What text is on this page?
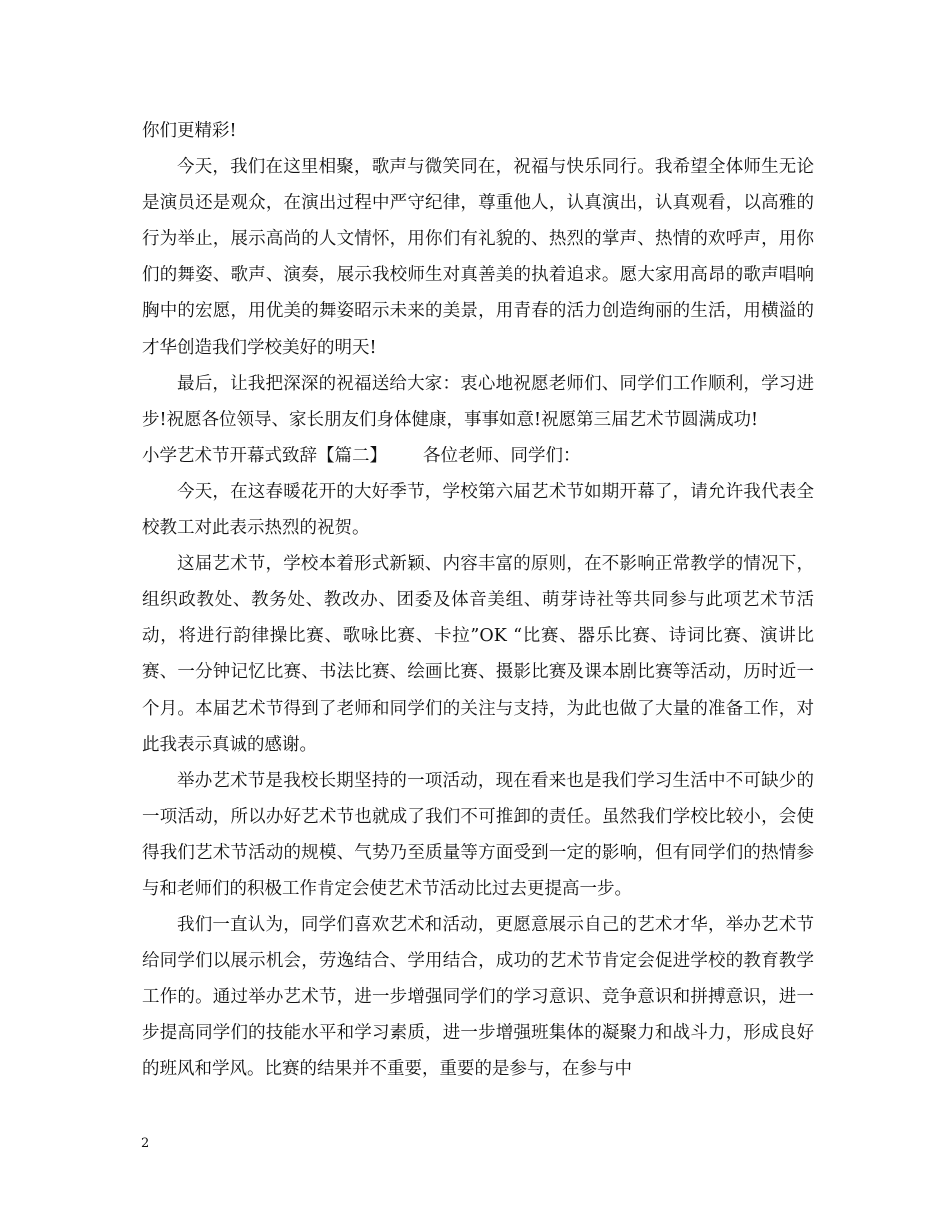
你们更精彩!

今天，我们在这里相聚，歌声与微笑同在，祝福与快乐同行。我希望全体师生无论是演员还是观众，在演出过程中严守纪律，尊重他人，认真演出，认真观看，以高雅的行为举止，展示高尚的人文情怀，用你们有礼貌的、热烈的掌声、热情的欢呼声，用你们的舞姿、歌声、演奏，展示我校师生对真善美的执着追求。愿大家用高昂的歌声唱响胸中的宏愿，用优美的舞姿昭示未来的美景，用青春的活力创造绚丽的生活，用横溢的才华创造我们学校美好的明天!

最后，让我把深深的祝福送给大家：衷心地祝愿老师们、同学们工作顺利，学习进步!祝愿各位领导、家长朋友们身体健康，事事如意!祝愿第三届艺术节圆满成功!

小学艺术节开幕式致辞【篇二】 各位老师、同学们：

今天，在这春暖花开的大好季节，学校第六届艺术节如期开幕了，请允许我代表全校教工对此表示热烈的祝贺。

这届艺术节，学校本着形式新颖、内容丰富的原则，在不影响正常教学的情况下，组织政教处、教务处、教改办、团委及体音美组、萌芽诗社等共同参与此项艺术节活动，将进行韵律操比赛、歌咏比赛、卡拉”OK “比赛、器乐比赛、诗词比赛、演讲比赛、一分钟记忆比赛、书法比赛、绘画比赛、摄影比赛及课本剧比赛等活动，历时近一个月。本届艺术节得到了老师和同学们的关注与支持，为此也做了大量的准备工作，对此我表示真诚的感谢。

举办艺术节是我校长期坚持的一项活动，现在看来也是我们学习生活中不可缺少的一项活动，所以办好艺术节也就成了我们不可推卸的责任。虽然我们学校比较小，会使得我们艺术节活动的规模、气势乃至质量等方面受到一定的影响，但有同学们的热情参与和老师们的积极工作肯定会使艺术节活动比过去更提高一步。

我们一直认为，同学们喜欢艺术和活动，更愿意展示自己的艺术才华，举办艺术节给同学们以展示机会，劳逸结合、学用结合，成功的艺术节肯定会促进学校的教育教学工作的。通过举办艺术节，进一步增强同学们的学习意识、竞争意识和拼搏意识，进一步提高同学们的技能水平和学习素质，进一步增强班集体的凝聚力和战斗力，形成良好的班风和学风。比赛的结果并不重要，重要的是参与，在参与中

2
